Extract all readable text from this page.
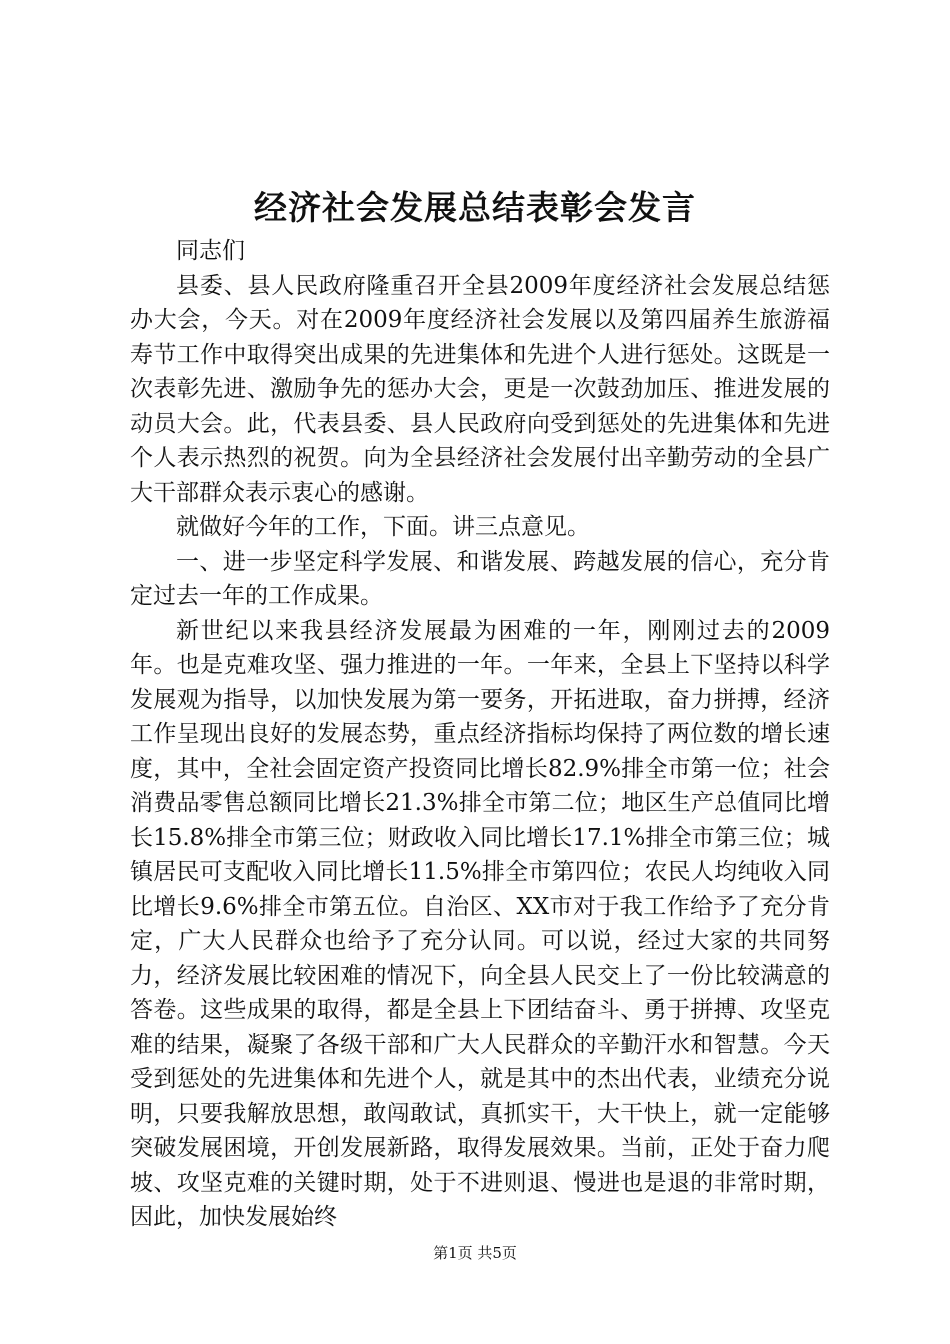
经济社会发展总结表彰会发言

同志们

县委、县人民政府隆重召开全县2009年度经济社会发展总结惩办大会，今天。对在2009年度经济社会发展以及第四届养生旅游福寿节工作中取得突出成果的先进集体和先进个人进行惩处。这既是一次表彰先进、激励争先的惩办大会，更是一次鼓劲加压、推进发展的动员大会。此，代表县委、县人民政府向受到惩处的先进集体和先进个人表示热烈的祝贺。向为全县经济社会发展付出辛勤劳动的全县广大干部群众表示衷心的感谢。

就做好今年的工作，下面。讲三点意见。

一、进一步坚定科学发展、和谐发展、跨越发展的信心，充分肯定过去一年的工作成果。

新世纪以来我县经济发展最为困难的一年，刚刚过去的2009年。也是克难攻坚、强力推进的一年。一年来，全县上下坚持以科学发展观为指导，以加快发展为第一要务，开拓进取，奋力拼搏，经济工作呈现出良好的发展态势，重点经济指标均保持了两位数的增长速度，其中，全社会固定资产投资同比增长82.9%排全市第一位；社会消费品零售总额同比增长21.3%排全市第二位；地区生产总值同比增长15.8%排全市第三位；财政收入同比增长17.1%排全市第三位；城镇居民可支配收入同比增长11.5%排全市第四位；农民人均纯收入同比增长9.6%排全市第五位。自治区、XX市对于我工作给予了充分肯定，广大人民群众也给予了充分认同。可以说，经过大家的共同努力，经济发展比较困难的情况下，向全县人民交上了一份比较满意的答卷。这些成果的取得，都是全县上下团结奋斗、勇于拼搏、攻坚克难的结果，凝聚了各级干部和广大人民群众的辛勤汗水和智慧。今天受到惩处的先进集体和先进个人，就是其中的杰出代表，业绩充分说明，只要我解放思想，敢闯敢试，真抓实干，大干快上，就一定能够突破发展困境，开创发展新路，取得发展效果。当前，正处于奋力爬坡、攻坚克难的关键时期，处于不进则退、慢进也是退的非常时期，因此，加快发展始终

第1页 共5页
